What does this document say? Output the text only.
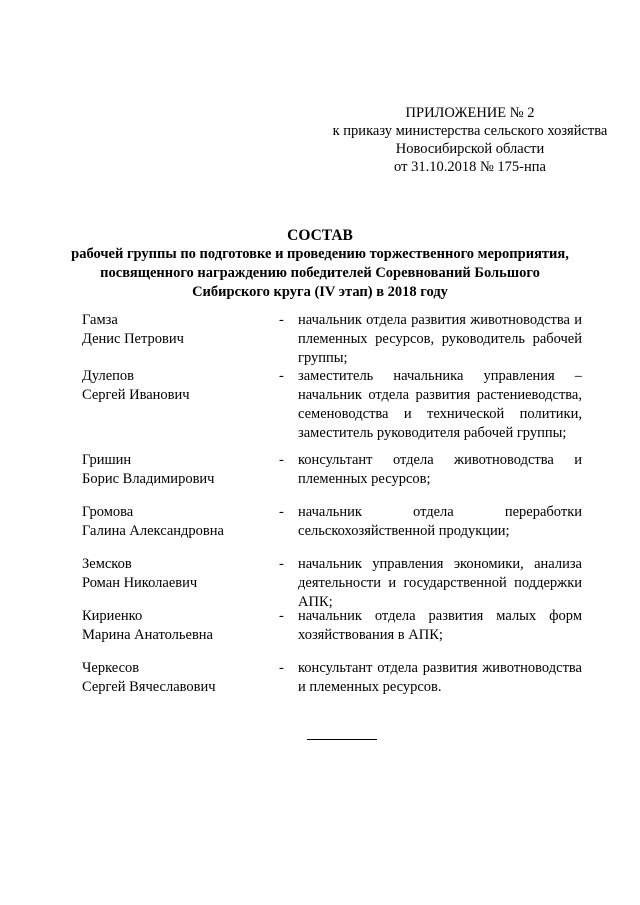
ПРИЛОЖЕНИЕ № 2
к приказу министерства сельского хозяйства
Новосибирской области
от 31.10.2018 № 175-нпа
СОСТАВ
рабочей группы по подготовке и проведению торжественного мероприятия,
посвященного награждению победителей Соревнований Большого
Сибирского круга (IV этап) в 2018 году
Гамза
Денис Петрович
- начальник отдела развития животноводства и племенных ресурсов, руководитель рабочей группы;
Дулепов
Сергей Иванович
- заместитель начальника управления – начальник отдела развития растениеводства, семеноводства и технической политики, заместитель руководителя рабочей группы;
Гришин
Борис Владимирович
- консультант отдела животноводства и племенных ресурсов;
Громова
Галина Александровна
- начальник отдела переработки сельскохозяйственной продукции;
Земсков
Роман Николаевич
- начальник управления экономики, анализа деятельности и государственной поддержки АПК;
Кириенко
Марина Анатольевна
- начальник отдела развития малых форм хозяйствования в АПК;
Черкесов
Сергей Вячеславович
- консультант отдела развития животноводства и племенных ресурсов.
